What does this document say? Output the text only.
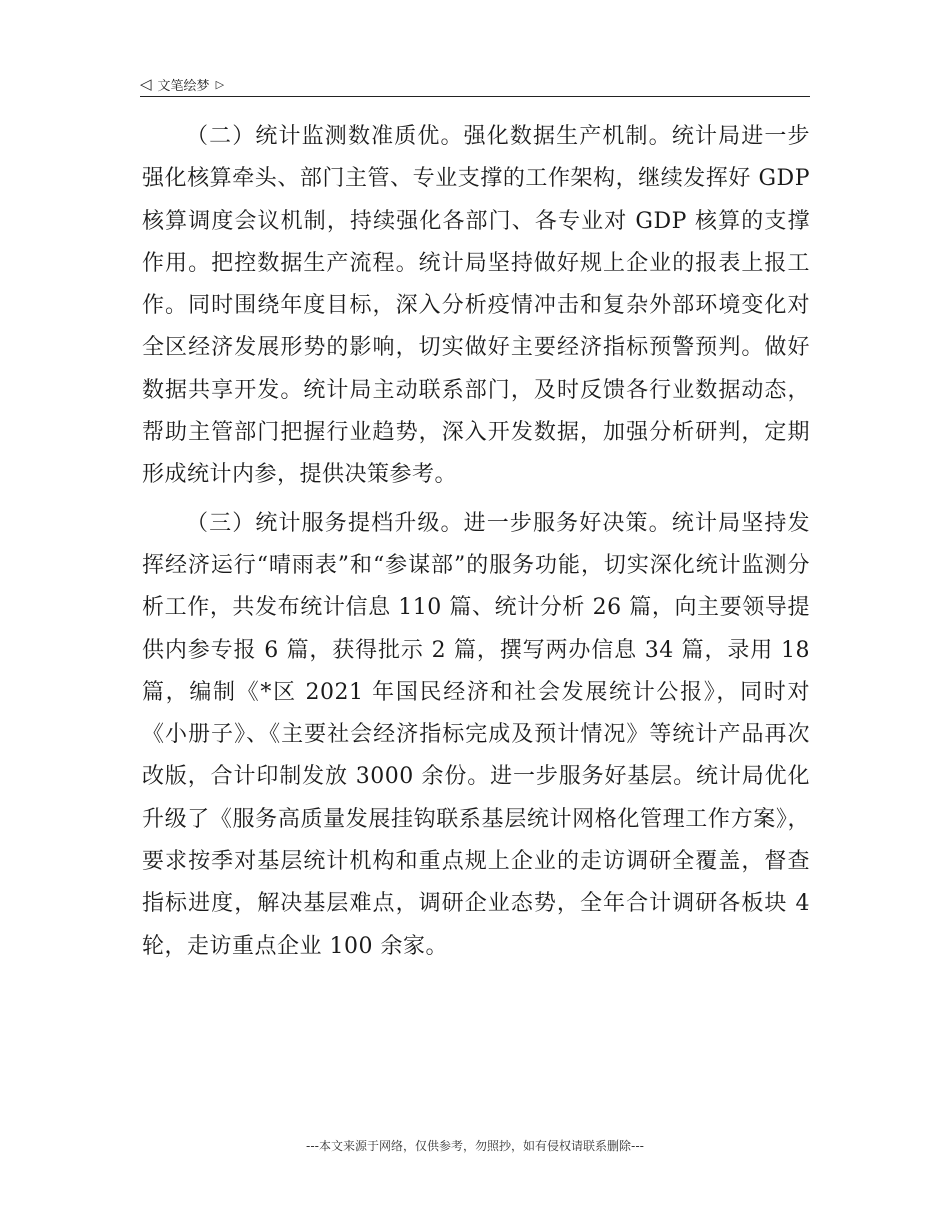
◁ 文笔绘梦 ▷

（二）统计监测数准质优。强化数据生产机制。统计局进一步强化核算牵头、部门主管、专业支撑的工作架构，继续发挥好 GDP 核算调度会议机制，持续强化各部门、各专业对 GDP 核算的支撑作用。把控数据生产流程。统计局坚持做好规上企业的报表上报工作。同时围绕年度目标，深入分析疫情冲击和复杂外部环境变化对全区经济发展形势的影响，切实做好主要经济指标预警预判。做好数据共享开发。统计局主动联系部门，及时反馈各行业数据动态，帮助主管部门把握行业趋势，深入开发数据，加强分析研判，定期形成统计内参，提供决策参考。

（三）统计服务提档升级。进一步服务好决策。统计局坚持发挥经济运行“晴雨表”和“参谋部”的服务功能，切实深化统计监测分析工作，共发布统计信息 110 篇、统计分析 26 篇，向主要领导提供内参专报 6 篇，获得批示 2 篇，撰写两办信息 34 篇，录用 18 篇，编制《*区 2021 年国民经济和社会发展统计公报》，同时对《小册子》、《主要社会经济指标完成及预计情况》等统计产品再次改版，合计印制发放 3000 余份。进一步服务好基层。统计局优化升级了《服务高质量发展挂钩联系基层统计网格化管理工作方案》，要求按季对基层统计机构和重点规上企业的走访调研全覆盖，督查指标进度，解决基层难点，调研企业态势，全年合计调研各板块 4 轮，走访重点企业 100 余家。

---本文来源于网络，仅供参考，勿照抄，如有侵权请联系删除---
